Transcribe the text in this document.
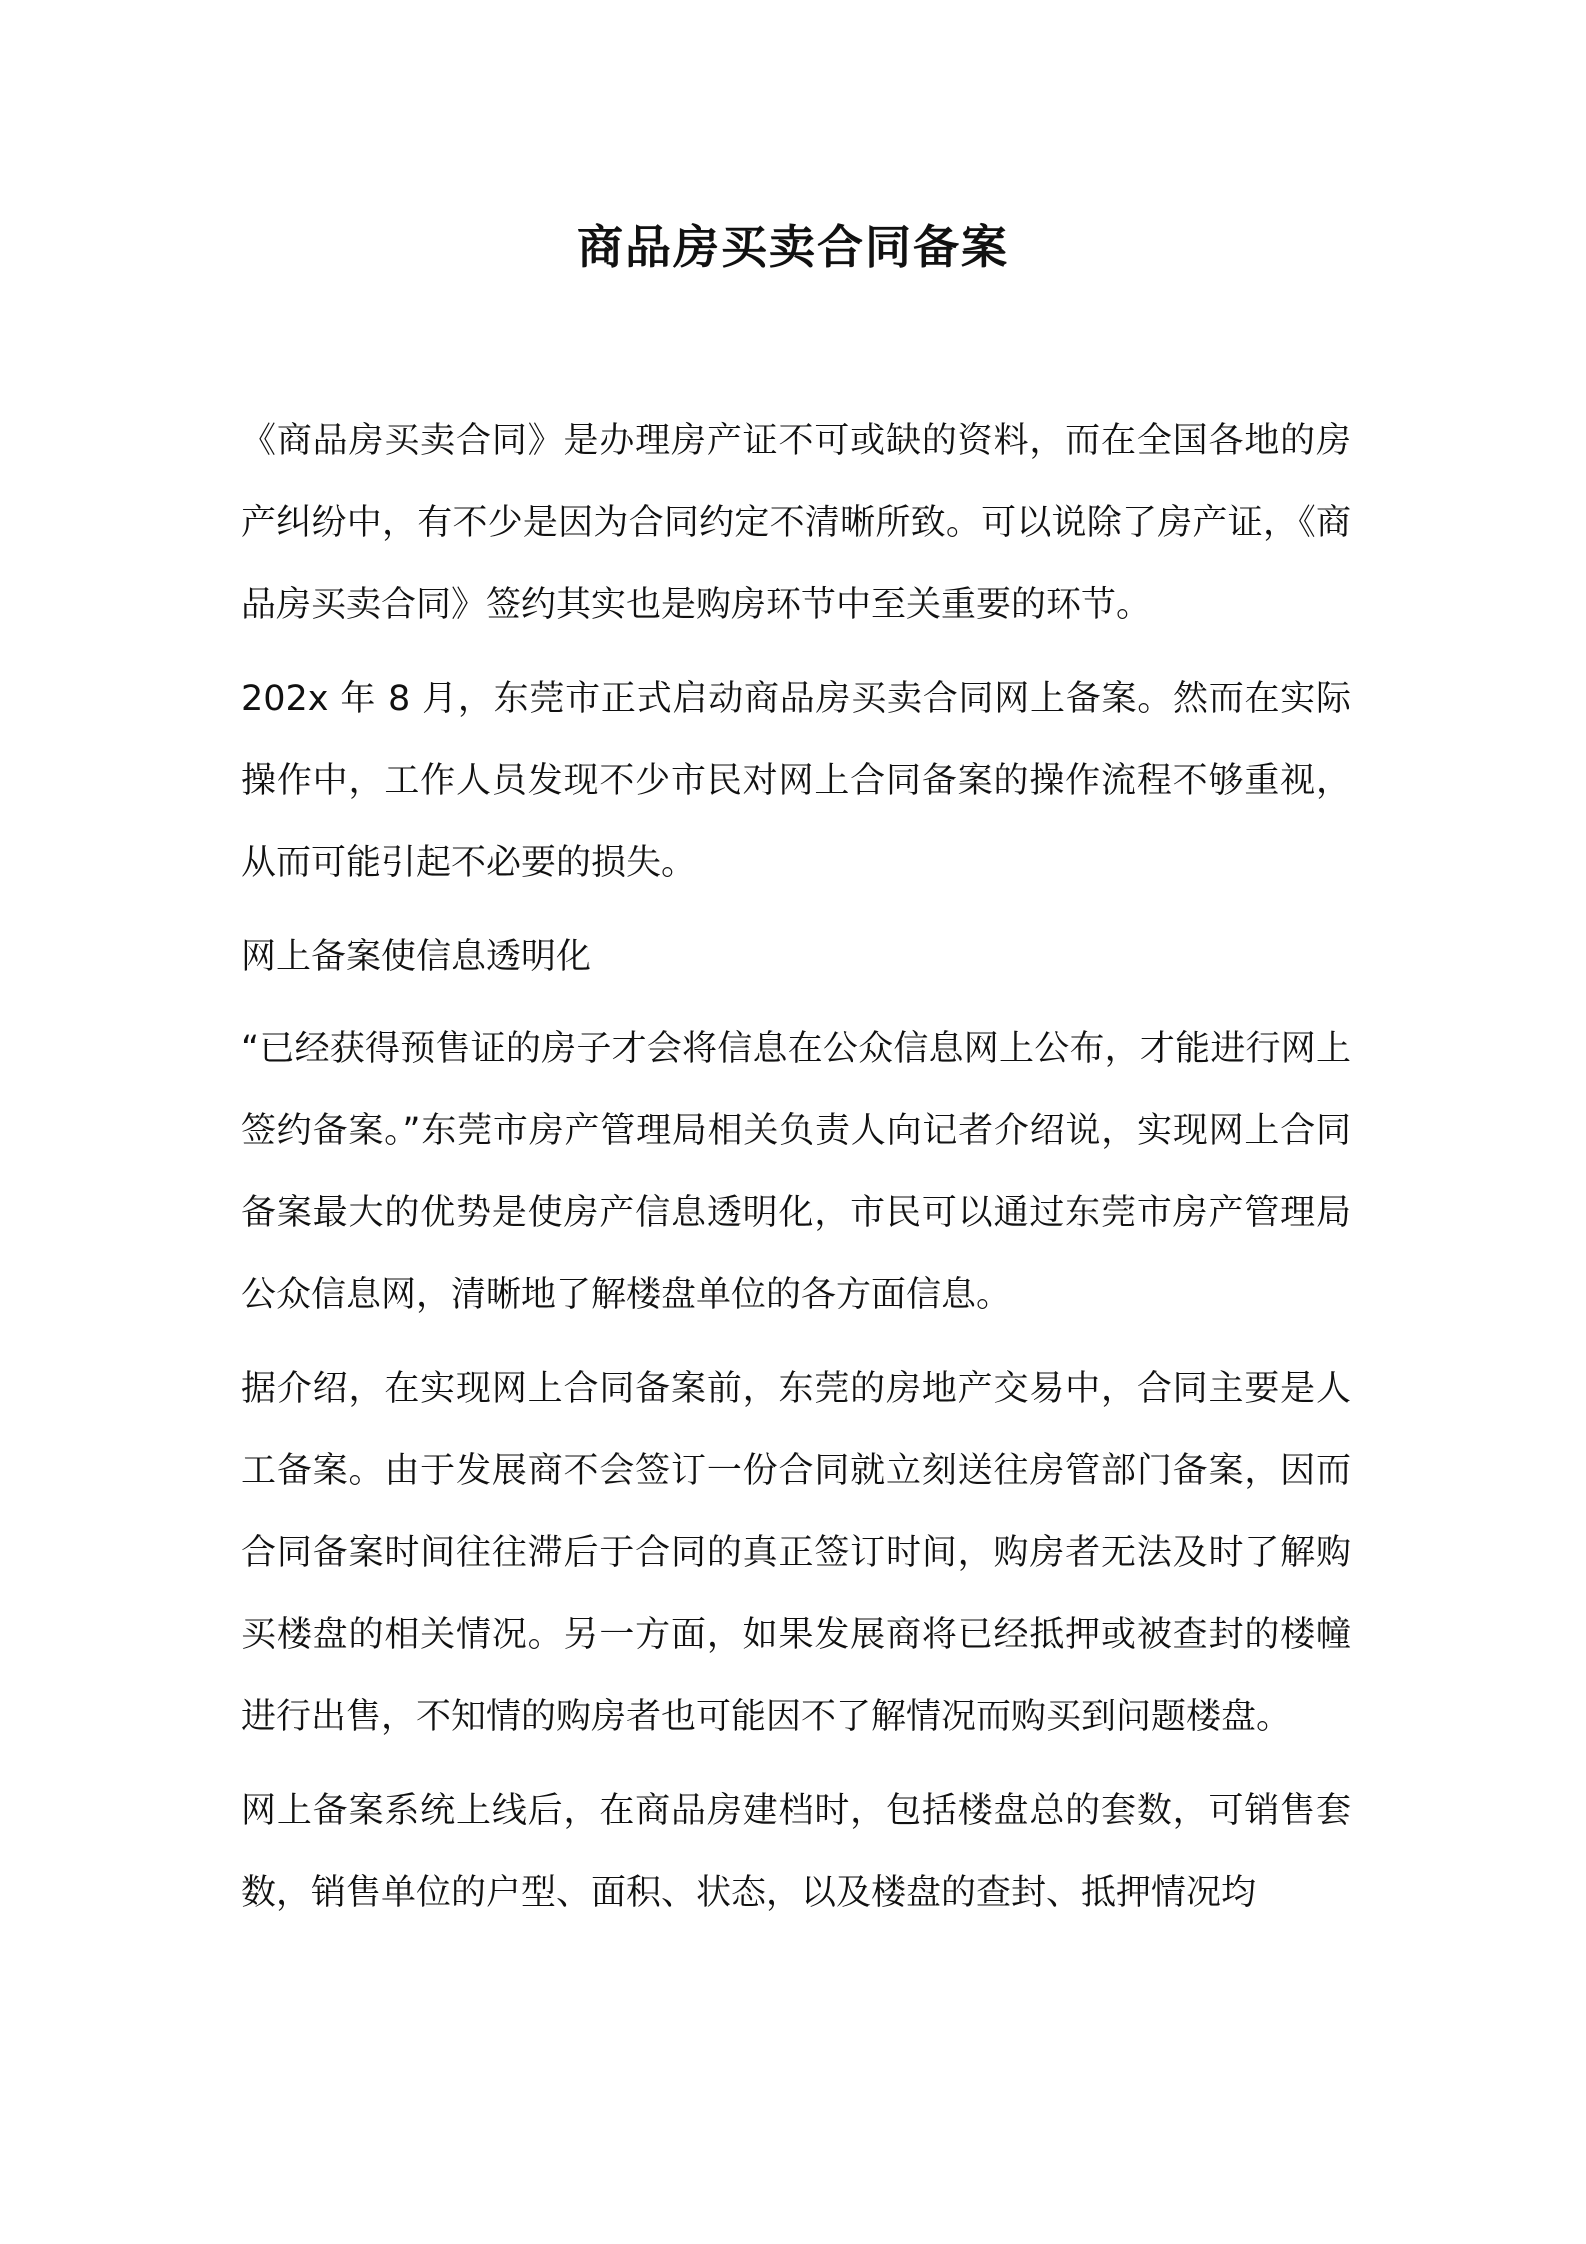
商品房买卖合同备案

《商品房买卖合同》是办理房产证不可或缺的资料，而在全国各地的房产纠纷中，有不少是因为合同约定不清晰所致。可以说除了房产证，《商品房买卖合同》签约其实也是购房环节中至关重要的环节。

202x 年 8 月，东莞市正式启动商品房买卖合同网上备案。然而在实际操作中，工作人员发现不少市民对网上合同备案的操作流程不够重视，从而可能引起不必要的损失。

网上备案使信息透明化

“已经获得预售证的房子才会将信息在公众信息网上公布，才能进行网上签约备案。”东莞市房产管理局相关负责人向记者介绍说，实现网上合同备案最大的优势是使房产信息透明化，市民可以通过东莞市房产管理局公众信息网，清晰地了解楼盘单位的各方面信息。

据介绍，在实现网上合同备案前，东莞的房地产交易中，合同主要是人工备案。由于发展商不会签订一份合同就立刻送往房管部门备案，因而合同备案时间往往滞后于合同的真正签订时间，购房者无法及时了解购买楼盘的相关情况。另一方面，如果发展商将已经抵押或被查封的楼幢进行出售，不知情的购房者也可能因不了解情况而购买到问题楼盘。

网上备案系统上线后，在商品房建档时，包括楼盘总的套数，可销售套数，销售单位的户型、面积、状态，以及楼盘的查封、抵押情况均
